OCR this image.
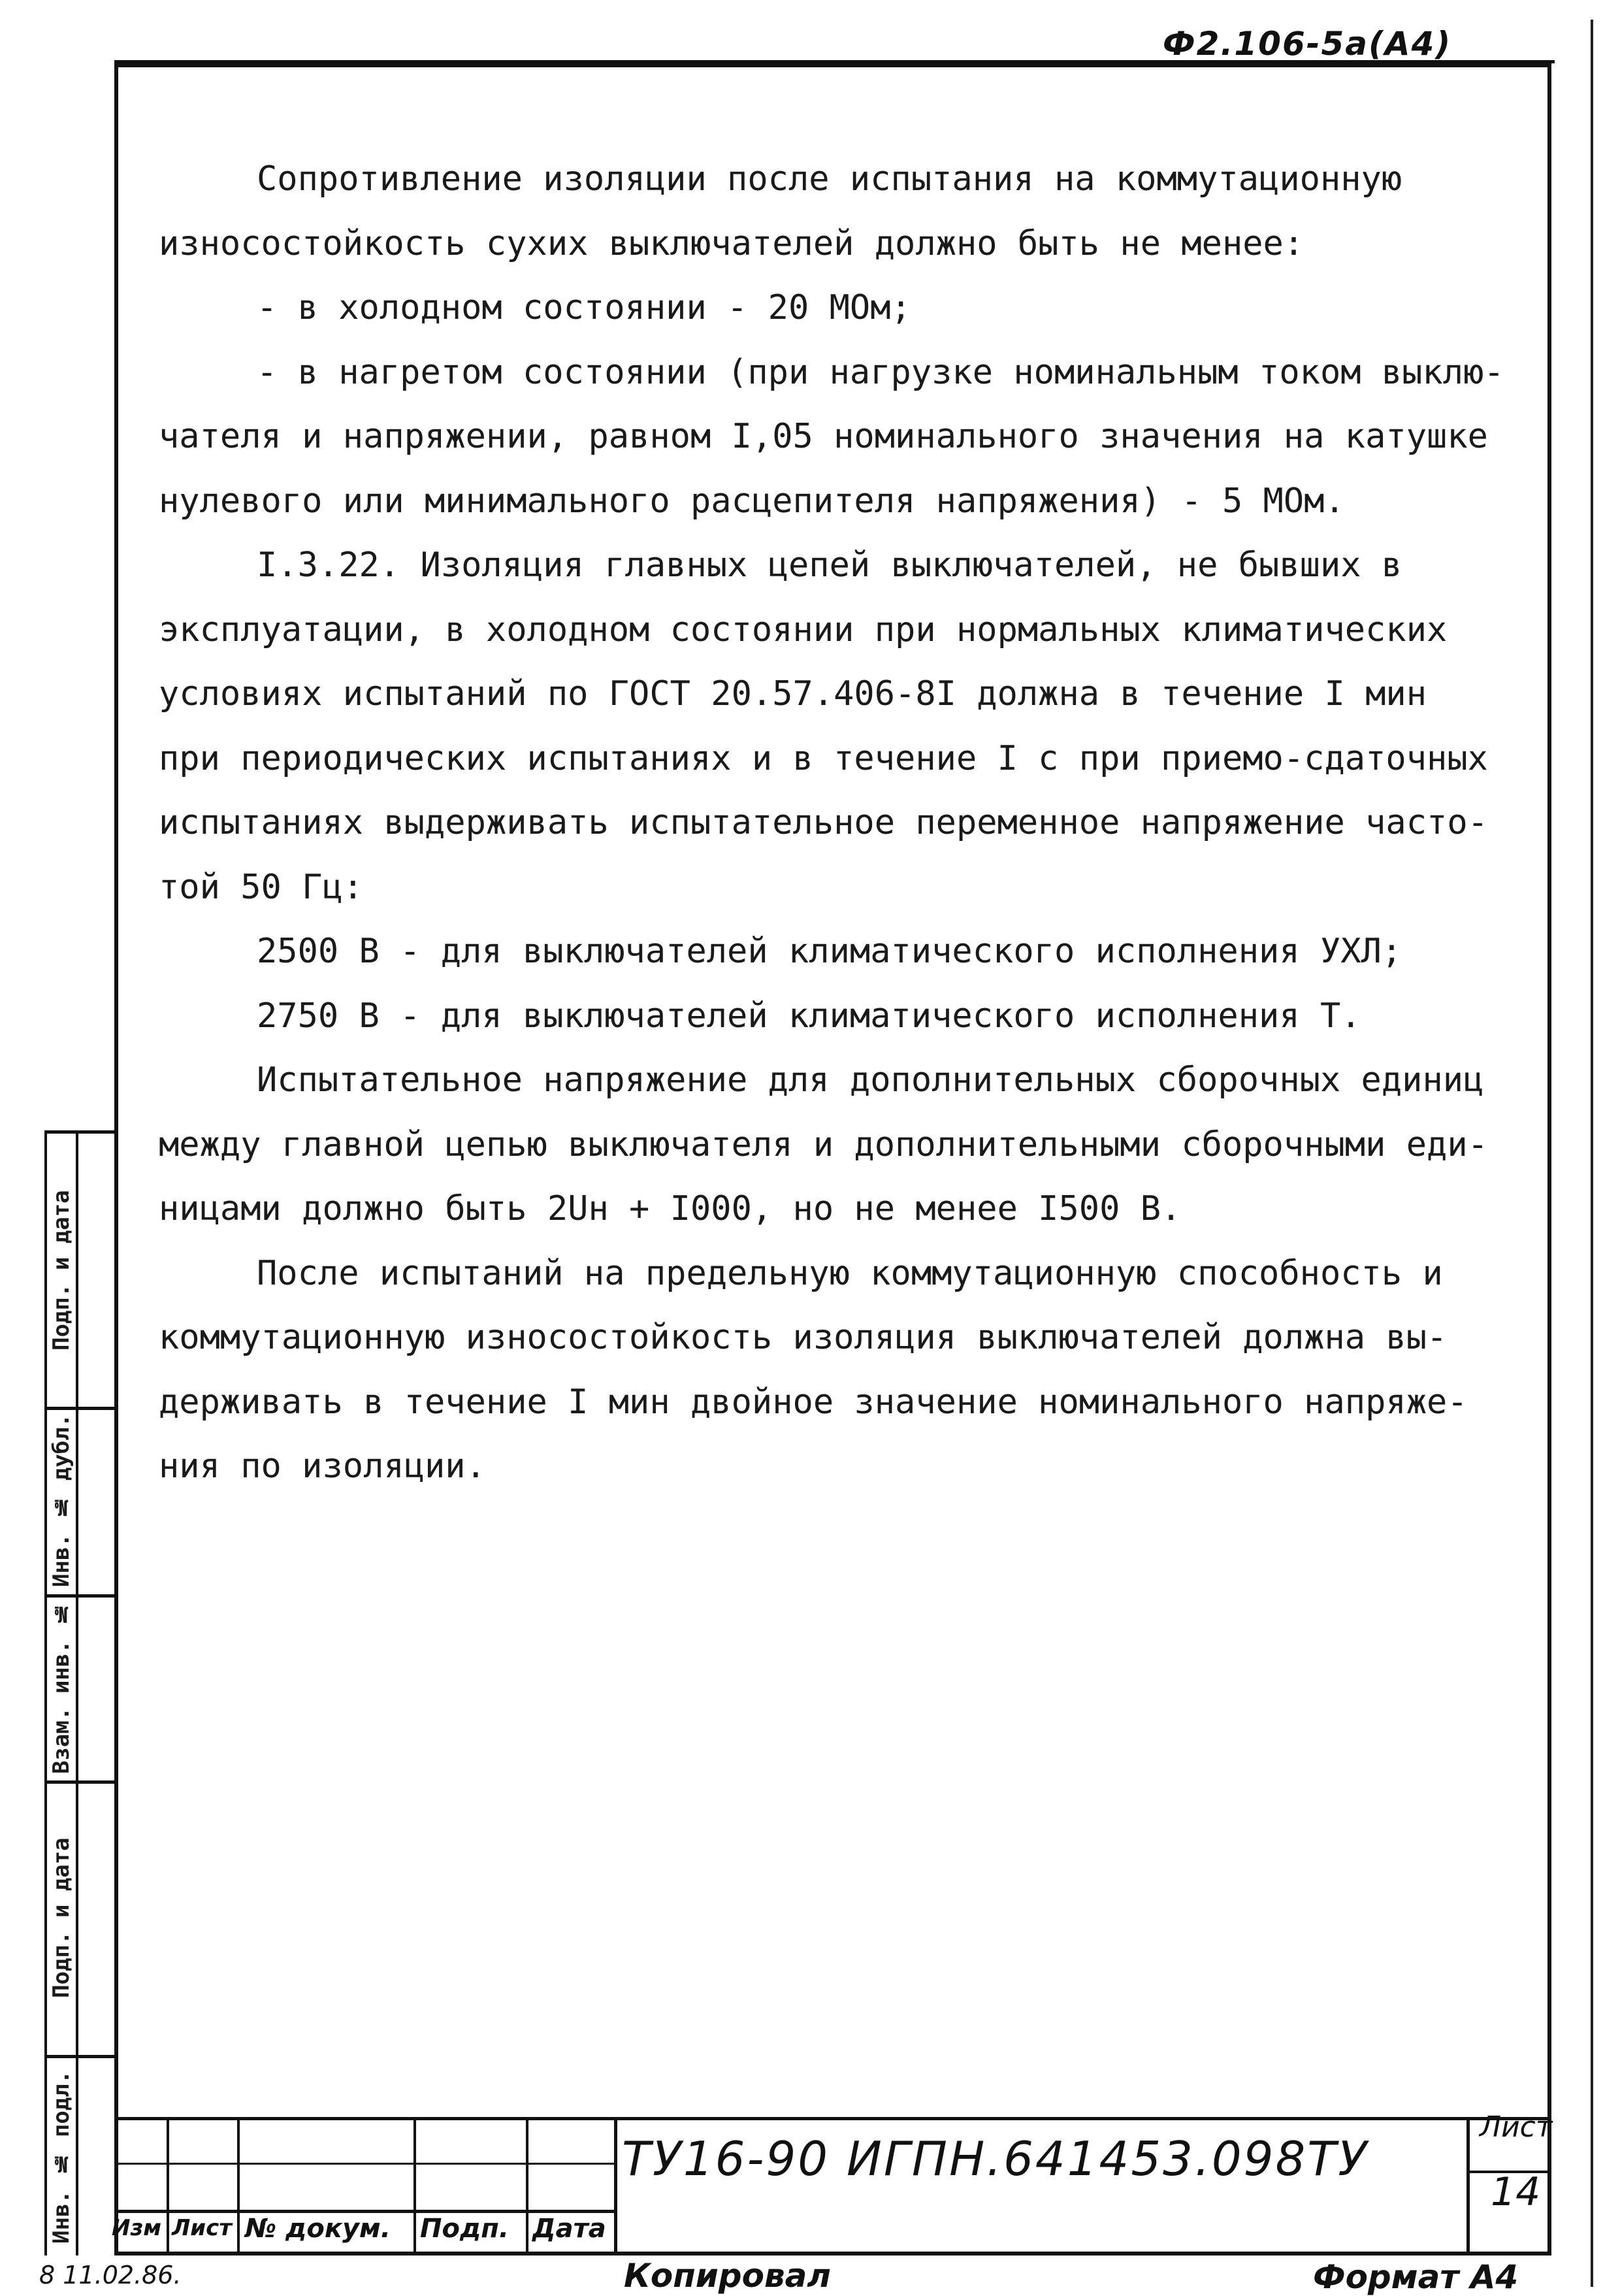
Ф2.106-5а(А4)
Сопротивление изоляции после испытания на коммутационную
износостойкость сухих выключателей должно быть не менее:
- в холодном состоянии - 20 МОм;
- в нагретом состоянии (при нагрузке номинальным током выклю-
чателя и напряжении, равном I,05 номинального значения на катушке
нулевого или минимального расцепителя напряжения) - 5 МОм.
I.3.22. Изоляция главных цепей выключателей, не бывших в
эксплуатации, в холодном состоянии при нормальных климатических
условиях испытаний по ГОСТ 20.57.406-8I должна в течение I мин
при периодических испытаниях и в течение I с при приемо-сдаточных
испытаниях выдерживать испытательное переменное напряжение часто-
той 50 Гц:
2500 В - для выключателей климатического исполнения УХЛ;
2750 В - для выключателей климатического исполнения Т.
Испытательное напряжение для дополнительных сборочных единиц
между главной цепью выключателя и дополнительными сборочными еди-
ницами должно быть 2Uн + I000, но не менее I500 В.
После испытаний на предельную коммутационную способность и
коммутационную износостойкость изоляция выключателей должна вы-
держивать в течение I мин двойное значение номинального напряже-
ния по изоляции.
Подп. и дата
Инв. № дубл.
Взам. инв. №
Подп. и дата
Инв. № подл. Изм Лист № докум. Подп. Дата
ТУ16-90 ИГПН.641453.098ТУ
Лист
14
8 11.02.86.	Копировал	Формат А4
